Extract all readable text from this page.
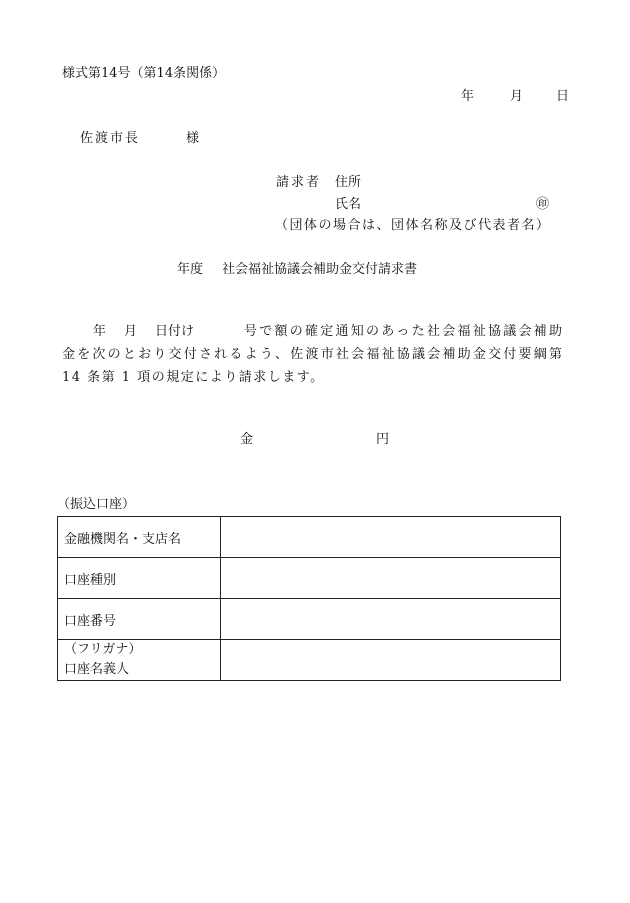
様式第14号（第14条関係）
年	月	日
佐渡市長	様
請求者 住所
氏名	㊞
（団体の場合は、団体名称及び代表者名）
年度 社会福祉協議会補助金交付請求書
年 月 日付け	号で額の確定通知のあった社会福祉協議会補助
金を次のとおり交付されるよう、佐渡市社会福祉協議会補助金交付要綱第
14 条第 1 項の規定により請求します。
金	円
（振込口座）
金融機関名・支店名	
口座種別	
口座番号	

（フリガナ）
口座名義人	
